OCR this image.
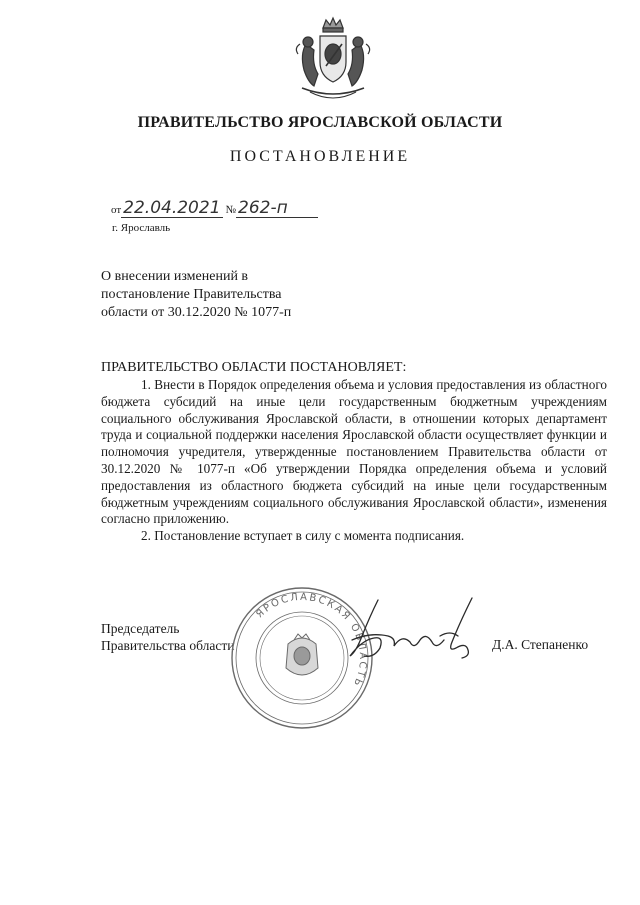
ПРАВИТЕЛЬСТВО ЯРОСЛАВСКОЙ ОБЛАСТИ
ПОСТАНОВЛЕНИЕ
от 22.04.2021 № 262-п
г. Ярославль
О внесении изменений в
постановление Правительства
области от 30.12.2020 № 1077-п
ПРАВИТЕЛЬСТВО ОБЛАСТИ ПОСТАНОВЛЯЕТ:

1. Внести в Порядок определения объема и условия предоставления из областного бюджета субсидий на иные цели государственным бюджетным учреждениям социального обслуживания Ярославской области, в отношении которых департамент труда и социальной поддержки населения Ярославской области осуществляет функции и полномочия учредителя, утвержденные постановлением Правительства области от 30.12.2020 № 1077-п «Об утверждении Порядка определения объема и условий предоставления из областного бюджета субсидий на иные цели государственным бюджетным учреждениям социального обслуживания Ярославской области», изменения согласно приложению.

2. Постановление вступает в силу с момента подписания.

Председатель
Правительства области	Д.А. Степаненко
ЯРОСЛАВСКАЯ ОБЛАСТЬ
